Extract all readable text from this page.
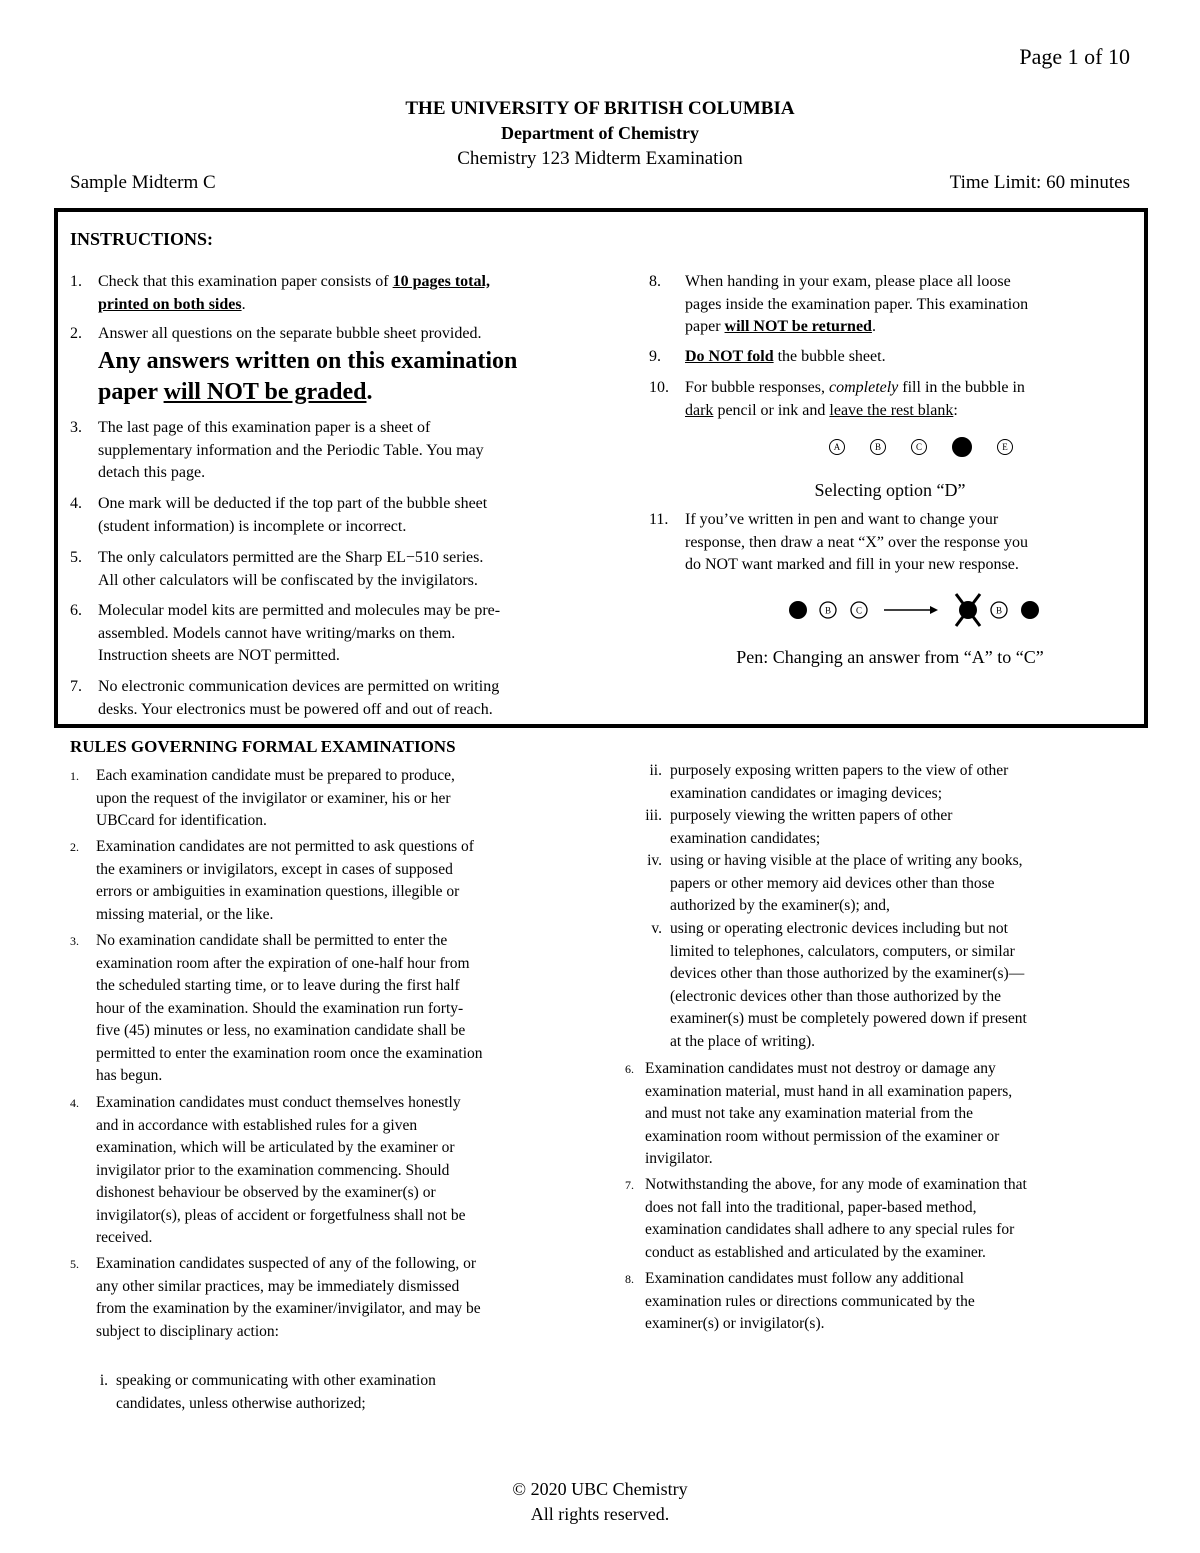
Page 1 of 10
THE UNIVERSITY OF BRITISH COLUMBIA
Department of Chemistry
Chemistry 123 Midterm Examination
Sample Midterm C	Time Limit: 60 minutes
INSTRUCTIONS:
1.	Check that this examination paper consists of 10 pages total,
printed on both sides.
2.	Answer all questions on the separate bubble sheet provided.
Any answers written on this examination
paper will NOT be graded.
3.	The last page of this examination paper is a sheet of
supplementary information and the Periodic Table. You may
detach this page.
4.	One mark will be deducted if the top part of the bubble sheet
(student information) is incomplete or incorrect.
5.	The only calculators permitted are the Sharp EL−510 series.
All other calculators will be confiscated by the invigilators.
6.	Molecular model kits are permitted and molecules may be pre-
assembled. Models cannot have writing/marks on them.
Instruction sheets are NOT permitted.
7.	No electronic communication devices are permitted on writing
desks. Your electronics must be powered off and out of reach.
8.	When handing in your exam, please place all loose
pages inside the examination paper. This examination
paper will NOT be returned.
9.	Do NOT fold the bubble sheet.
10.	For bubble responses, completely fill in the bubble in
dark pencil or ink and leave the rest blank:
A	B	C	E
Selecting option “D”
11.	If you’ve written in pen and want to change your
response, then draw a neat “X” over the response you
do NOT want marked and fill in your new response.
B	C	B
Pen: Changing an answer from “A” to “C”
RULES GOVERNING FORMAL EXAMINATIONS
1.	Each examination candidate must be prepared to produce,
upon the request of the invigilator or examiner, his or her
UBCcard for identification.
2.	Examination candidates are not permitted to ask questions of
the examiners or invigilators, except in cases of supposed
errors or ambiguities in examination questions, illegible or
missing material, or the like.
3.	No examination candidate shall be permitted to enter the
examination room after the expiration of one-half hour from
the scheduled starting time, or to leave during the first half
hour of the examination. Should the examination run forty-
five (45) minutes or less, no examination candidate shall be
permitted to enter the examination room once the examination
has begun.
4.	Examination candidates must conduct themselves honestly
and in accordance with established rules for a given
examination, which will be articulated by the examiner or
invigilator prior to the examination commencing. Should
dishonest behaviour be observed by the examiner(s) or
invigilator(s), pleas of accident or forgetfulness shall not be
received.
5.	Examination candidates suspected of any of the following, or
any other similar practices, may be immediately dismissed
from the examination by the examiner/invigilator, and may be
subject to disciplinary action:
i. speaking or communicating with other examination
candidates, unless otherwise authorized;
ii. purposely exposing written papers to the view of other
examination candidates or imaging devices;
iii. purposely viewing the written papers of other
examination candidates;
iv. using or having visible at the place of writing any books,
papers or other memory aid devices other than those
authorized by the examiner(s); and,
v. using or operating electronic devices including but not
limited to telephones, calculators, computers, or similar
devices other than those authorized by the examiner(s)—
(electronic devices other than those authorized by the
examiner(s) must be completely powered down if present
at the place of writing).
6. Examination candidates must not destroy or damage any
examination material, must hand in all examination papers,
and must not take any examination material from the
examination room without permission of the examiner or
invigilator.
7. Notwithstanding the above, for any mode of examination that
does not fall into the traditional, paper-based method,
examination candidates shall adhere to any special rules for
conduct as established and articulated by the examiner.
8. Examination candidates must follow any additional
examination rules or directions communicated by the
examiner(s) or invigilator(s).
© 2020 UBC Chemistry
All rights reserved.
